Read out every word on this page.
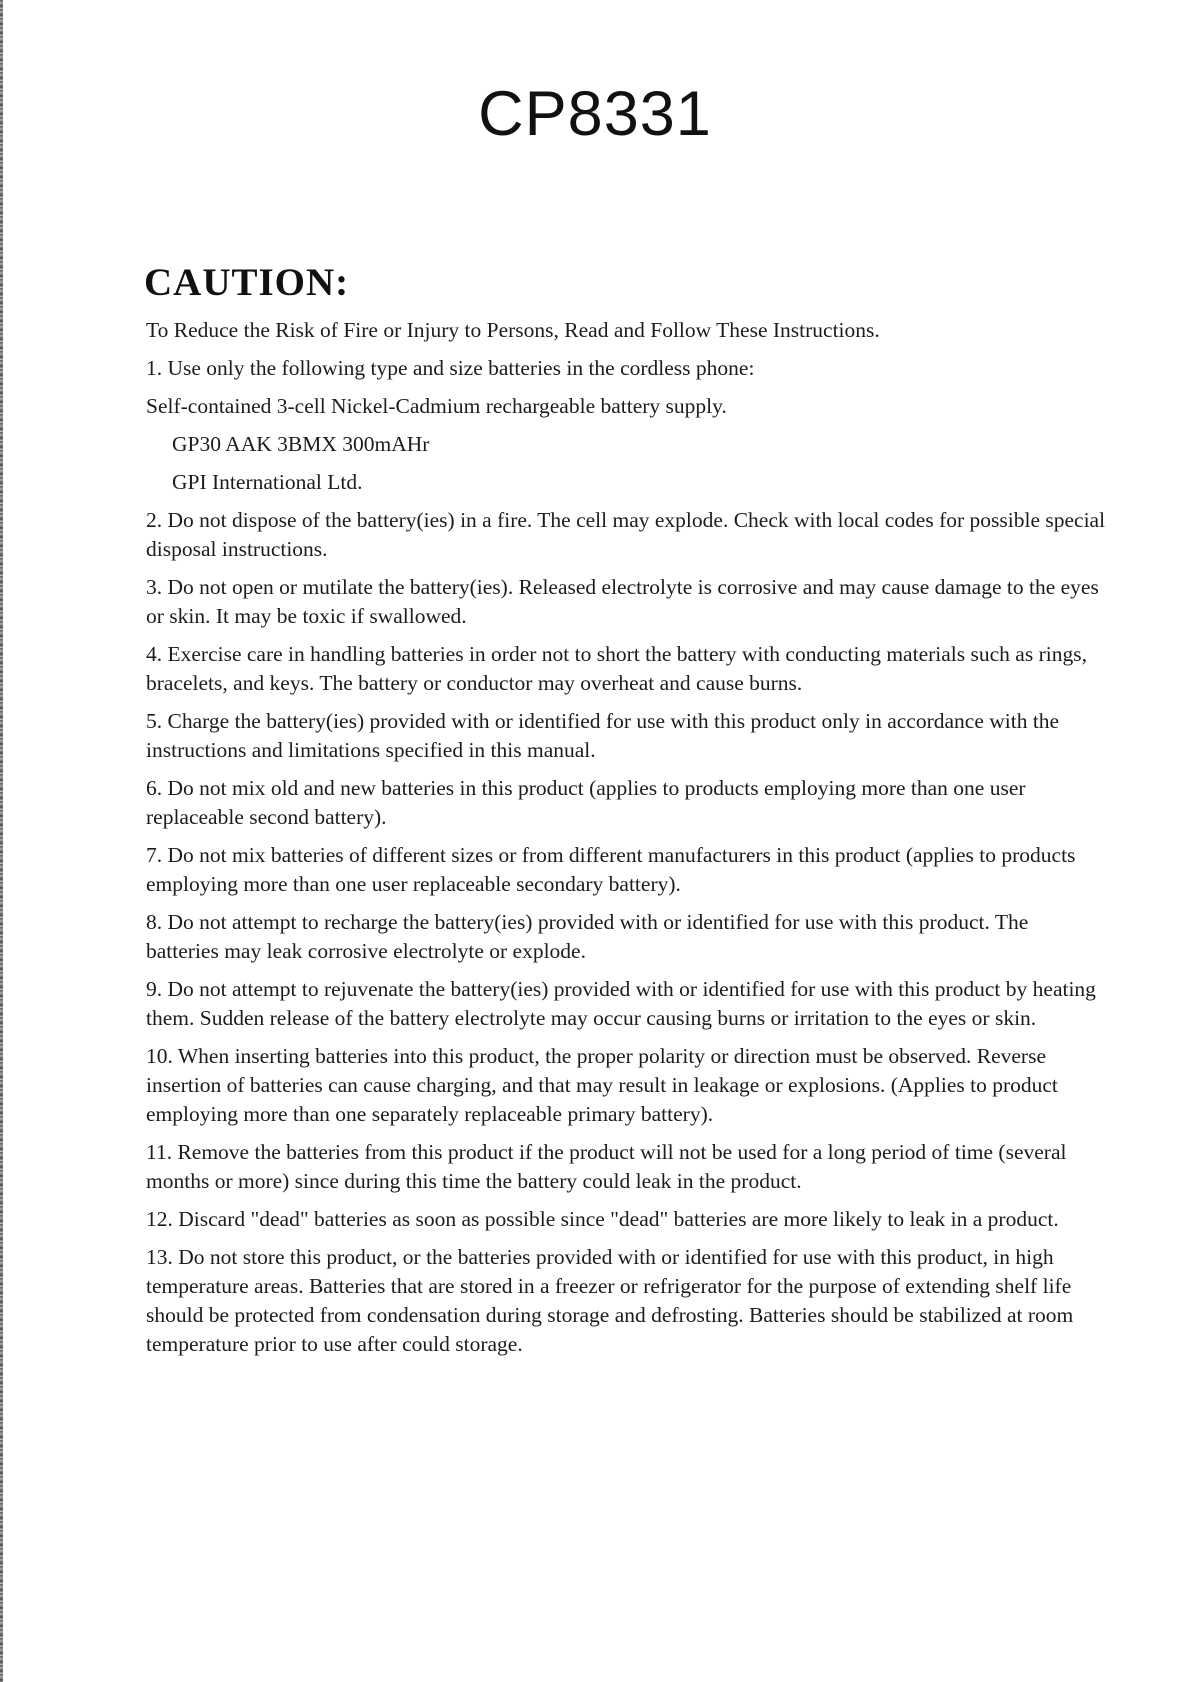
CP8331
CAUTION:
To Reduce the Risk of Fire or Injury to Persons, Read and Follow These Instructions.
1. Use only the following type and size batteries in the cordless phone:
Self-contained 3-cell Nickel-Cadmium rechargeable battery supply.
GP30 AAK 3BMX 300mAHr
GPI International Ltd.
2. Do not dispose of the battery(ies) in a fire. The cell may explode. Check with local codes for possible special disposal instructions.
3. Do not open or mutilate the battery(ies). Released electrolyte is corrosive and may cause damage to the eyes or skin. It may be toxic if swallowed.
4. Exercise care in handling batteries in order not to short the battery with conducting materials such as rings, bracelets, and keys. The battery or conductor may overheat and cause burns.
5. Charge the battery(ies) provided with or identified for use with this product only in accordance with the instructions and limitations specified in this manual.
6. Do not mix old and new batteries in this product (applies to products employing more than one user replaceable second battery).
7. Do not mix batteries of different sizes or from different manufacturers in this product (applies to products employing more than one user replaceable secondary battery).
8. Do not attempt to recharge the battery(ies) provided with or identified for use with this product. The batteries may leak corrosive electrolyte or explode.
9. Do not attempt to rejuvenate the battery(ies) provided with or identified for use with this product by heating them. Sudden release of the battery electrolyte may occur causing burns or irritation to the eyes or skin.
10. When inserting batteries into this product, the proper polarity or direction must be observed. Reverse insertion of batteries can cause charging, and that may result in leakage or explosions. (Applies to product employing more than one separately replaceable primary battery).
11. Remove the batteries from this product if the product will not be used for a long period of time (several months or more) since during this time the battery could leak in the product.
12. Discard "dead" batteries as soon as possible since "dead" batteries are more likely to leak in a product.
13. Do not store this product, or the batteries provided with or identified for use with this product, in high temperature areas. Batteries that are stored in a freezer or refrigerator for the purpose of extending shelf life should be protected from condensation during storage and defrosting. Batteries should be stabilized at room temperature prior to use after could storage.
